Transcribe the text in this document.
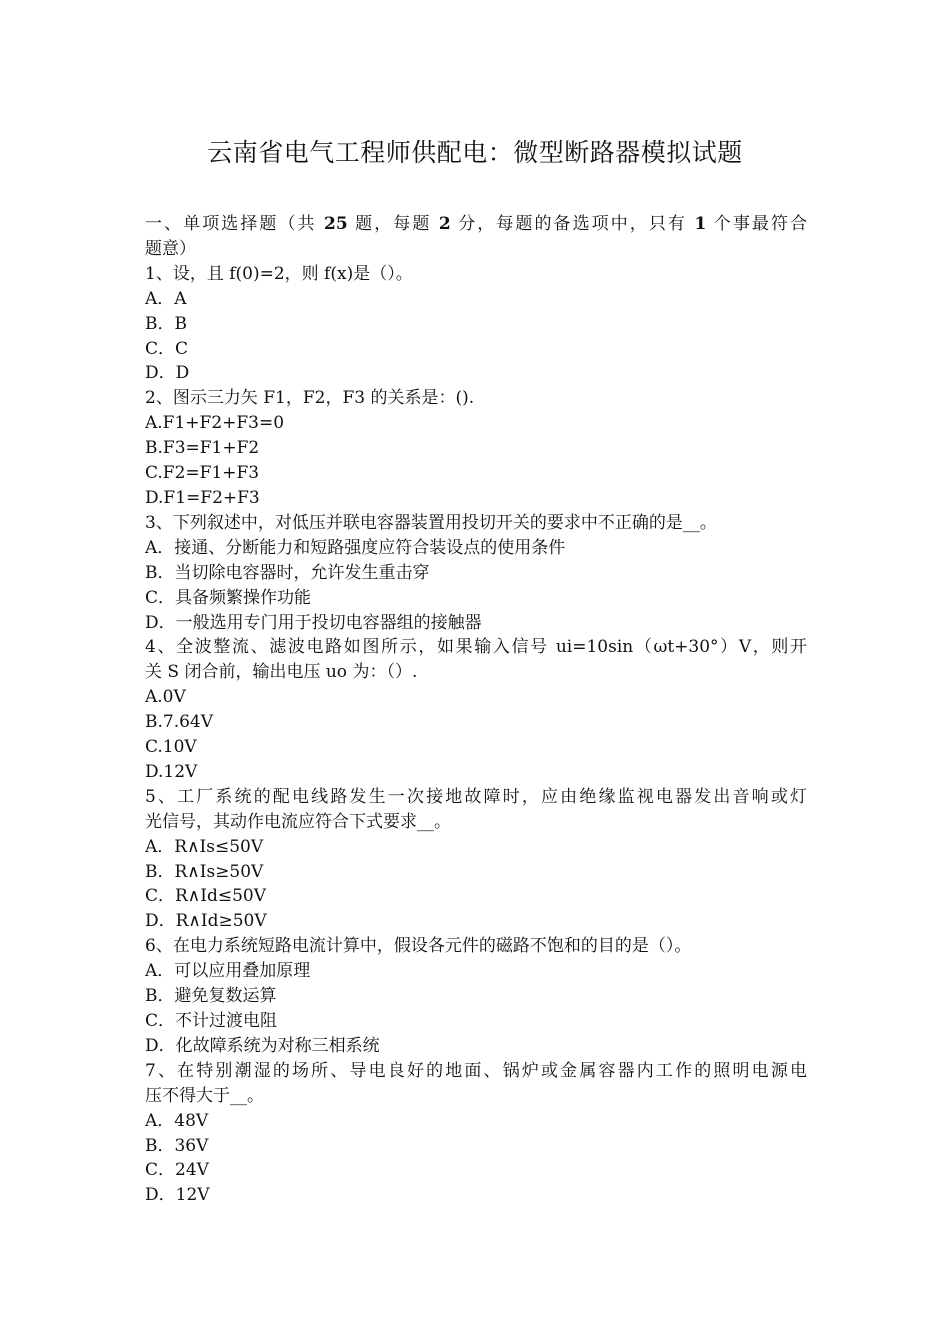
云南省电气工程师供配电：微型断路器模拟试题
一、单项选择题（共 25 题，每题 2 分，每题的备选项中，只有 1 个事最符合
题意）
1、设，且 f(0)=2，则 f(x)是（）。
A．A
B．B
C．C
D．D
2、图示三力矢 F1，F2，F3 的关系是：().
A.F1+F2+F3=0
B.F3=F1+F2
C.F2=F1+F3
D.F1=F2+F3
3、下列叙述中，对低压并联电容器装置用投切开关的要求中不正确的是__。
A．接通、分断能力和短路强度应符合装设点的使用条件
B．当切除电容器时，允许发生重击穿
C．具备频繁操作功能
D．一般选用专门用于投切电容器组的接触器
4、全波整流、滤波电路如图所示，如果输入信号 ui=10sin（ωt+30°）V，则开
关 S 闭合前，输出电压 uo 为：（）.
A.0V
B.7.64V
C.10V
D.12V
5、工厂系统的配电线路发生一次接地故障时，应由绝缘监视电器发出音响或灯
光信号，其动作电流应符合下式要求__。
A．R∧Is≤50V
B．R∧Is≥50V
C．R∧Id≤50V
D．R∧Id≥50V
6、在电力系统短路电流计算中，假设各元件的磁路不饱和的目的是（）。
A．可以应用叠加原理
B．避免复数运算
C．不计过渡电阻
D．化故障系统为对称三相系统
7、在特别潮湿的场所、导电良好的地面、锅炉或金属容器内工作的照明电源电
压不得大于__。
A．48V
B．36V
C．24V
D．12V
